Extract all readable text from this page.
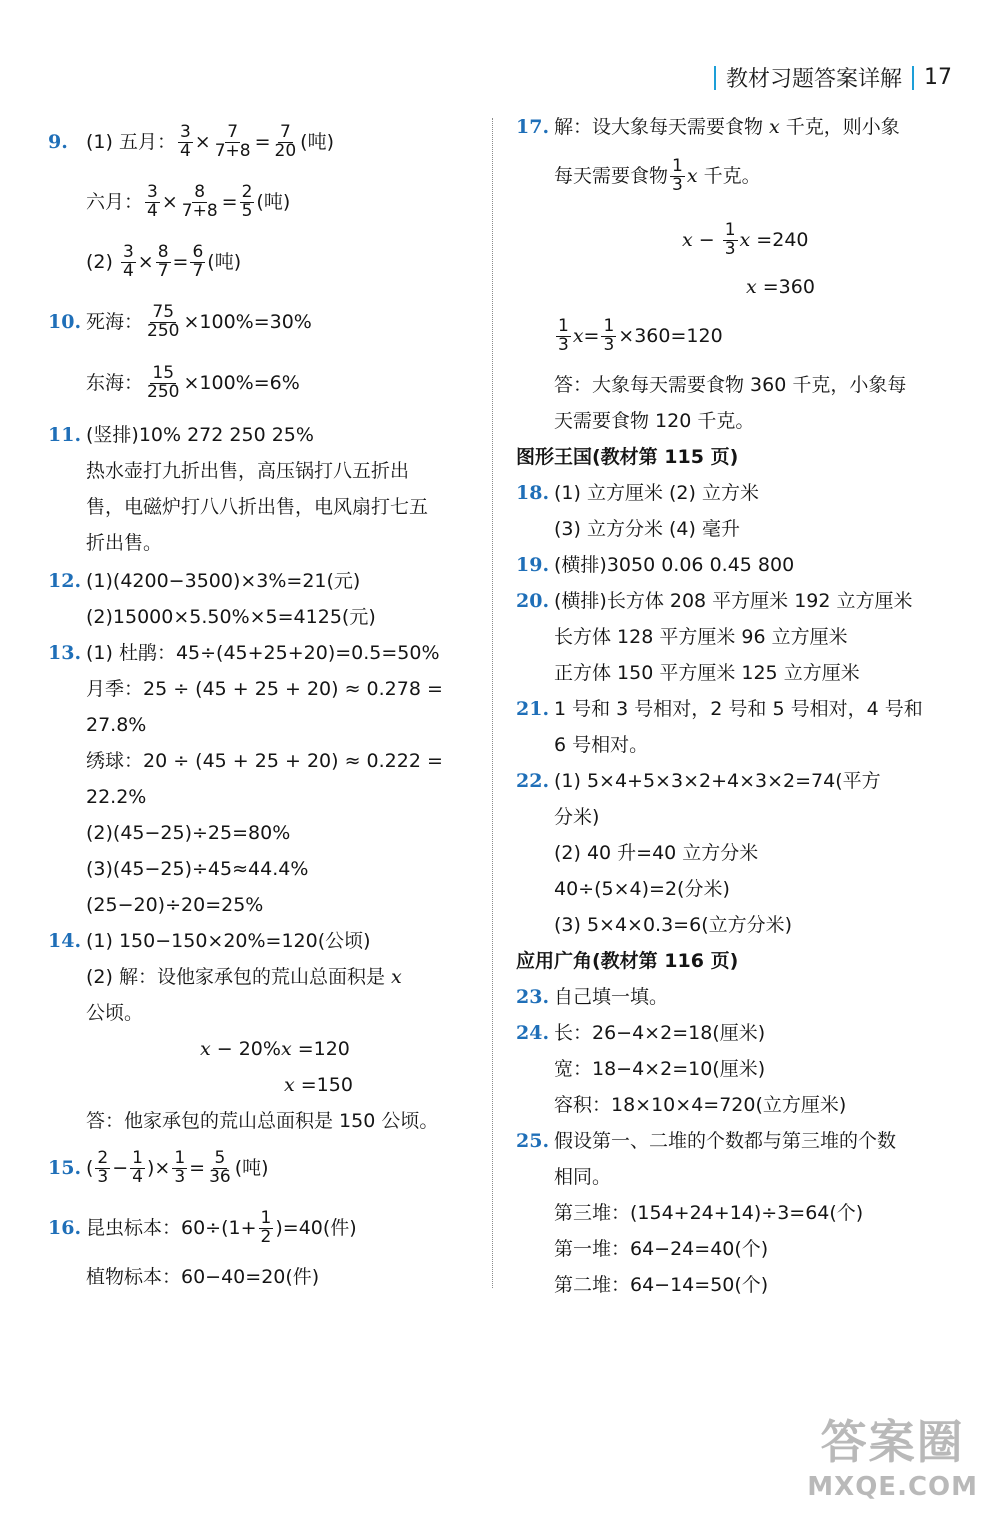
教材习题答案详解 17
9. (1) 五月： $\frac{3}{4} \times \frac{7}{7+8} = \frac{7}{20}$ (吨)
六月： $\frac{3}{4} \times \frac{8}{7+8} = \frac{2}{5}$ (吨)
$(2) \frac{3}{4} \times \frac{8}{7} = \frac{6}{7}$ (吨)
10. 死海： $\frac{75}{250} \times 100\%=30\%$
东海： $\frac{15}{250} \times 100\%=6\%$
11. (竖排)10% 272 250 25%
热水壶打九折出售，高压锅打八五折出
售，电磁炉打八八折出售，电风扇打七五
折出售。
12. (1)(4200−3500)×3%=21(元)
(2)15000×5.50%×5=4125(元)
13. (1) 杜鹃：45÷(45+25+20)=0.5=50%
月季：25 ÷ (45 + 25 + 20) ≈ 0.278 =
27.8%
绣球：20 ÷ (45 + 25 + 20) ≈ 0.222 =
22.2%
(2)(45−25)÷25=80%
(3)(45−25)÷45≈44.4%
(25−20)÷20=25%
14. (1) 150−150×20%=120(公顷)
(2) 解：设他家承包的荒山总面积是 x
公顷。
x − 20%x =120
x =150
答：他家承包的荒山总面积是 150 公顷。
15. ( $\frac{2}{3} - \frac{1}{4}$ )× $\frac{1}{3} = \frac{5}{36}$ (吨)
16. 昆虫标本：$60\div(1+ \frac{1}{2} )=40$(件)
植物标本：60−40=20(件)
17. 解：设大象每天需要食物 x 千克，则小象
每天需要食物 $\frac{1}{3}$ x 千克。
$x - \frac{1}{3}$ x =240
x =360
$\frac{1}{3} x= \frac{1}{3} \times 360=120$
答：大象每天需要食物 360 千克，小象每
天需要食物 120 千克。
图形王国(教材第 115 页)
18. (1) 立方厘米 (2) 立方米
(3) 立方分米 (4) 毫升
19. (横排)3050 0.06 0.45 800
20. (横排)长方体 208 平方厘米 192 立方厘米
长方体 128 平方厘米 96 立方厘米
正方体 150 平方厘米 125 立方厘米
21. 1 号和 3 号相对，2 号和 5 号相对，4 号和
6 号相对。
22. (1) 5×4+5×3×2+4×3×2=74(平方
分米)
(2) 40 升=40 立方分米
40÷(5×4)=2(分米)
(3) 5×4×0.3=6(立方分米)
应用广角(教材第 116 页)
23. 自己填一填。
24. 长：26−4×2=18(厘米)
宽：18−4×2=10(厘米)
容积：18×10×4=720(立方厘米)
25. 假设第一、二堆的个数都与第三堆的个数
相同。
第三堆：(154+24+14)÷3=64(个)
第一堆：64−24=40(个)
第二堆：64−14=50(个)
答案圈
MXQE.COM
